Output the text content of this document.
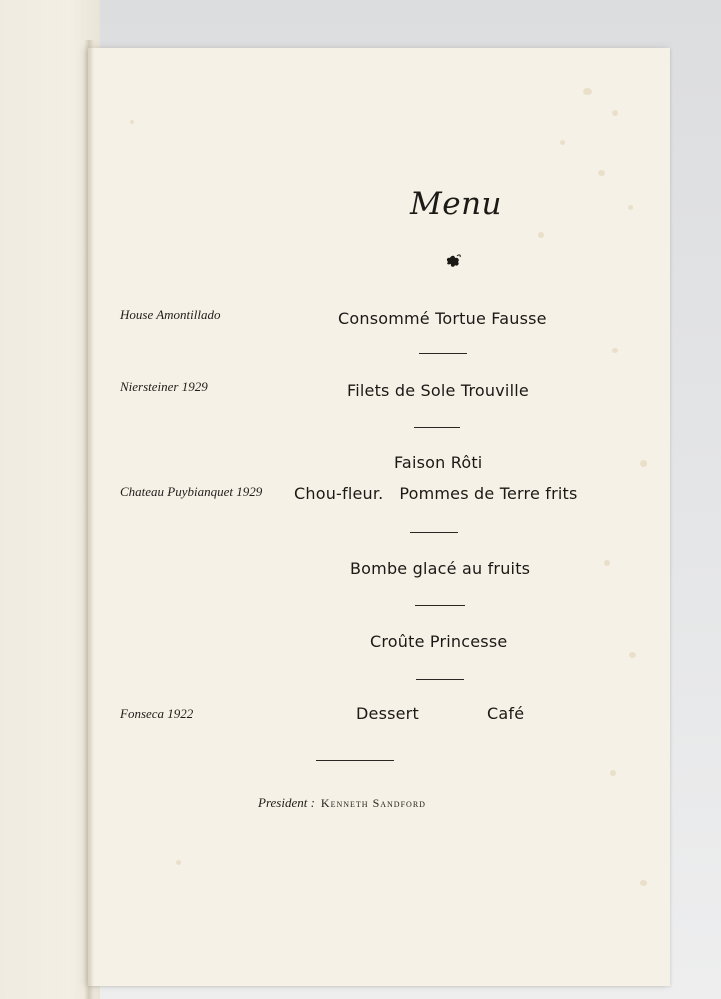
Menu
House Amontillado	Consommé Tortue Fausse
Niersteiner 1929	Filets de Sole Trouville
Faison Rôti
Chateau Puybianquet 1929 Chou-fleur.   Pommes de Terre frits
Bombe glacé au fruits
Croûte Princesse
Fonseca 1922	Dessert	Café
President : Kenneth Sandford
